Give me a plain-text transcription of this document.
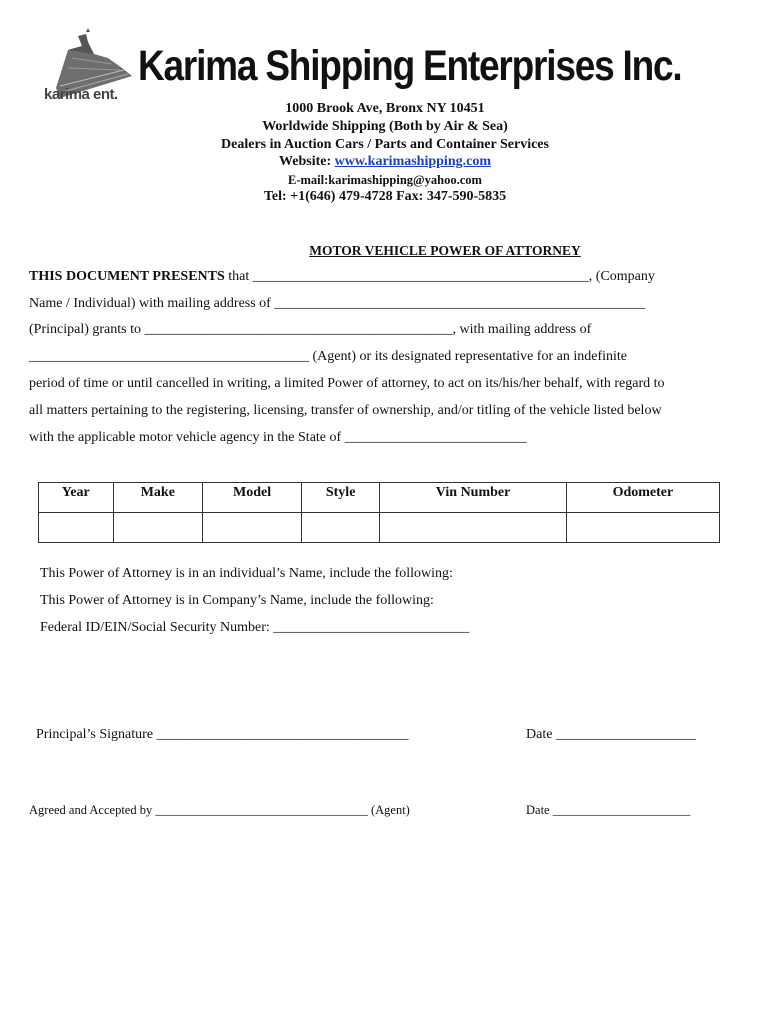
karima ent.
Karima Shipping Enterprises Inc.
1000 Brook Ave, Bronx NY 10451
Worldwide Shipping (Both by Air & Sea)
Dealers in Auction Cars / Parts and Container Services
Website: www.karimashipping.com
E-mail:karimashipping@yahoo.com
Tel: +1(646) 479-4728 Fax: 347-590-5835
MOTOR VEHICLE POWER OF ATTORNEY
THIS DOCUMENT PRESENTS that ________________________________________________, (Company
Name / Individual) with mailing address of _____________________________________________________
(Principal) grants to ____________________________________________, with mailing address of
________________________________________ (Agent) or its designated representative for an indefinite
period of time or until cancelled in writing, a limited Power of attorney, to act on its/his/her behalf, with regard to
all matters pertaining to the registering, licensing, transfer of ownership, and/or titling of the vehicle listed below
with the applicable motor vehicle agency in the State of __________________________
Year	Make	Model	Style	Vin Number	Odometer

This Power of Attorney is in an individual’s Name, include the following:
This Power of Attorney is in Company’s Name, include the following:
Federal ID/EIN/Social Security Number: ____________________________
Principal’s Signature ____________________________________	Date ____________________
Agreed and Accepted by __________________________________ (Agent)	Date ______________________
